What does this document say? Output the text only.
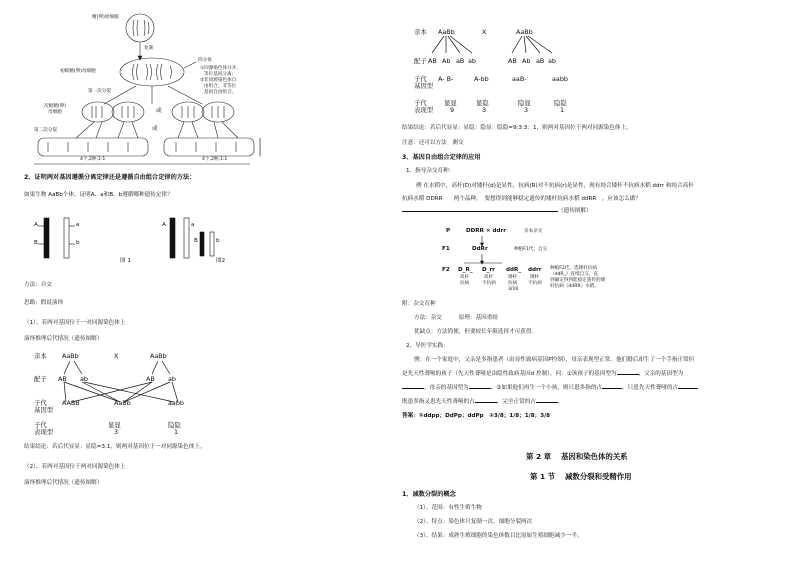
精(卵)原细胞
复制
初级精(卵)母细胞
四分体
①同源染色体分开，
等位基因分离；
②非同源染色体自
由组合，非等位
基因自由组合。
第一次分裂
次级精(卵)
母细胞	或
第二次分裂	或
4个,2种,1:1	4个,2种,1:1
2、证明两对基因遵循分离定律还是遵循自由组合定律的方法：
如果生物 AaBb个体，证明A、a和B、b遵循哪种遗传定律？
A
B
a
b
A	a
B	b
图 1	图2
方法：自交
思路：假说演绎
（1）、若两对基因位于一对同源染色体上
演绎推理后代情况（遗传图解）
亲本 AaBb	X	AaBb
配子 AB ab	AB ab
子代
基因型
AABB	AaBb	aabb
子代
表现型
显显	隐隐
3	1
结果结论：若后代显显：显隐=3:1，则两对基因位于一对同源染色体上。
（2）、若两对基因位于两对同源染色体上
演绎推理后代情况（遗传图解）
亲本 AaBb	X	AaBb
配子 AB Ab aB ab	AB Ab aB ab
子代
基因型
A- B-	A-bb	aaB-	aabb
子代
表现型
显显	显隐	隐显	隐隐
9	3	3	1
结果结论：若后代显显：显隐：隐显：隐隐=9:3:3：1，则两对基因位于两对同源染色体上。
注意：还可以方法　测交
3、基因自由组合定律的应用
1、指导杂交育种：
例 在水稻中，高杆(D)对矮杆(d)是显性，抗病(R)对不抗病(r)是显性，现有纯合矮杆不抗病水稻 ddrr 和纯合高杆
抗病水稻 DDRR　　两个品种，　要想得到能够稳定遗传的矮杆抗病水稻 ddRR　，应该怎么做？
（遗传图解）
P	DDRR × ddrr	亲本杂交
F1	DdRr	种植F1代，自交
F2 D_R_ D_rr ddR_ ddrr
高杆	高杆	矮杆	矮杆
抗病	不抗病	抗病 不抗病
3/16
种植F2代，选矮杆抗病
（ddR_）连续自交，直
到确定得到能稳定遗传的矮
杆抗病（ddRR）水稻。
附：杂交育种
方法：杂交　　　原理：基因重组
优缺点：方法简便，但要较长年限选择才可获得。
2、导医学实践：
例：在一个家庭中，父亲是多指患者（由显性致病基因P控制），母亲表现型正常。他们婚后却生了一个手指正常但
是先天性聋哑的孩子（先天性聋哑是由隐性致病基因d 控制），问：①该孩子的基因型为	，父亲的基因型为
，母亲的基因型为	。②如果他们再生一个小孩，则只患多指的占	，只患先天性聋哑的占
既患多指又患先天性聋哑的占	，完全正常的占	。
答案：①ddpp；DdPp；ddPp　②3/8；1/8；1/8；3/8
第 2 章　 基因和染色体的关系
第 1 节　 减数分裂和受精作用
1、减数分裂的概念
（1）、范围：有性生殖生物
（2）、特点：染色体只复制一次，细胞分裂两次
（3）、结果：成熟生殖细胞的染色体数目比原始生殖细胞减少一半。
